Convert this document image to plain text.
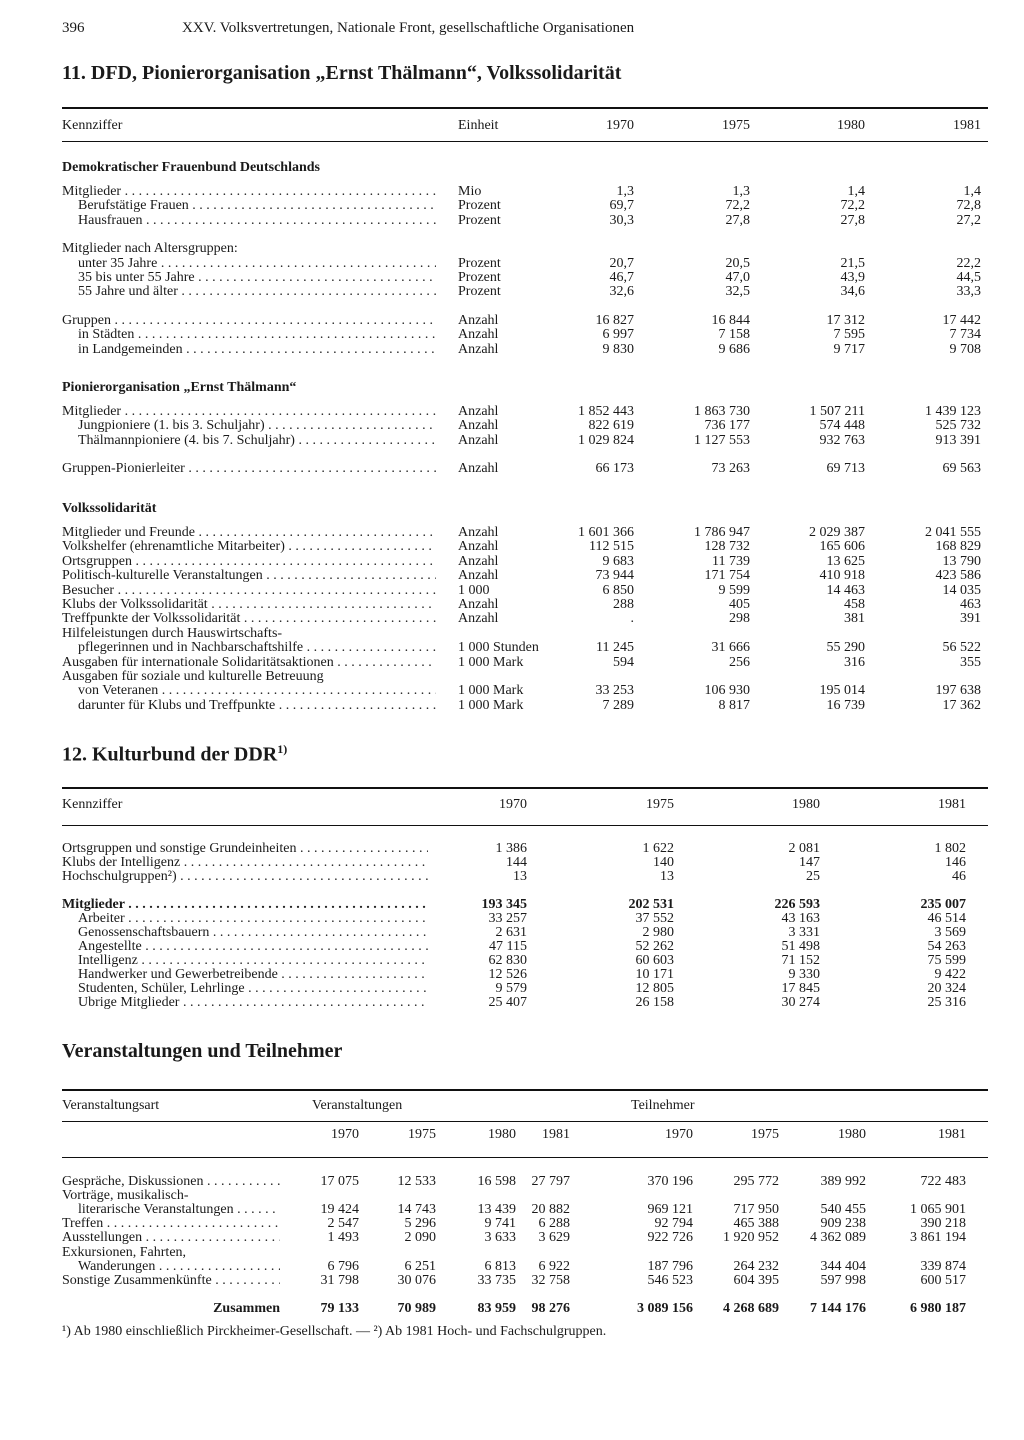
396	XXV. Volksvertretungen, Nationale Front, gesellschaftliche Organisationen
11. DFD, Pionierorganisation „Ernst Thälmann“, Volkssolidarität
Kennziffer	Einheit	1970	1975	1980	1981
Demokratischer Frauenbund Deutschlands
Mitglieder . . .	Mio	1,3	1,3	1,4	1,4
Berufstätige Frauen . . .	Prozent	69,7	72,2	72,2	72,8
Hausfrauen . . .	Prozent	30,3	27,8	27,8	27,2
Mitglieder nach Altersgruppen:
unter 35 Jahre . . .	Prozent	20,7	20,5	21,5	22,2
35 bis unter 55 Jahre . . .	Prozent	46,7	47,0	43,9	44,5
55 Jahre und älter . . .	Prozent	32,6	32,5	34,6	33,3
Gruppen . . .	Anzahl	16 827	16 844	17 312	17 442
in Städten . . .	Anzahl	6 997	7 158	7 595	7 734
in Landgemeinden . . .	Anzahl	9 830	9 686	9 717	9 708
Pionierorganisation „Ernst Thälmann“
Mitglieder . . .	Anzahl	1 852 443	1 863 730	1 507 211	1 439 123
Jungpioniere (1. bis 3. Schuljahr) . . .	Anzahl	822 619	736 177	574 448	525 732
Thälmannpioniere (4. bis 7. Schuljahr) . . .	Anzahl	1 029 824	1 127 553	932 763	913 391
Gruppen-Pionierleiter . . .	Anzahl	66 173	73 263	69 713	69 563
Volkssolidarität
Mitglieder und Freunde . . .	Anzahl	1 601 366	1 786 947	2 029 387	2 041 555
Volkshelfer (ehrenamtliche Mitarbeiter) . . .	Anzahl	112 515	128 732	165 606	168 829
Ortsgruppen . . .	Anzahl	9 683	11 739	13 625	13 790
Politisch-kulturelle Veranstaltungen . . .	Anzahl	73 944	171 754	410 918	423 586
Besucher . . .	1 000	6 850	9 599	14 463	14 035
Klubs der Volkssolidarität . . .	Anzahl	288	405	458	463
Treffpunkte der Volkssolidarität . . .	Anzahl	.	298	381	391
Hilfeleistungen durch Hauswirtschafts-
pflegerinnen und in Nachbarschaftshilfe . . .	1 000 Stunden	11 245	31 666	55 290	56 522
Ausgaben für internationale Solidaritätsaktionen . . .	1 000 Mark	594	256	316	355
Ausgaben für soziale und kulturelle Betreuung
von Veteranen . . .	1 000 Mark	33 253	106 930	195 014	197 638
darunter für Klubs und Treffpunkte . . .	1 000 Mark	7 289	8 817	16 739	17 362
12. Kulturbund der DDR$^{1)}$
Kennziffer	1970	1975	1980	1981
Ortsgruppen und sonstige Grundeinheiten . . .	1 386	1 622	2 081	1 802
Klubs der Intelligenz . . .	144	140	147	146
Hochschulgruppen²) . . .	13	13	25	46
Mitglieder . . .	193 345	202 531	226 593	235 007
Arbeiter . . .	33 257	37 552	43 163	46 514
Genossenschaftsbauern . . .	2 631	2 980	3 331	3 569
Angestellte . . .	47 115	52 262	51 498	54 263
Intelligenz . . .	62 830	60 603	71 152	75 599
Handwerker und Gewerbetreibende . . .	12 526	10 171	9 330	9 422
Studenten, Schüler, Lehrlinge . . .	9 579	12 805	17 845	20 324
Übrige Mitglieder . . .	25 407	26 158	30 274	25 316
Veranstaltungen und Teilnehmer
Veranstaltungsart	Veranstaltungen	Teilnehmer
1970	1975	1980	1981	1970	1975	1980	1981
Gespräche, Diskussionen . . .	17 075	12 533	16 598	27 797	370 196	295 772	389 992	722 483
Vorträge, musikalisch-
literarische Veranstaltungen . . .	19 424	14 743	13 439	20 882	969 121	717 950	540 455	1 065 901
Treffen . . .	2 547	5 296	9 741	6 288	92 794	465 388	909 238	390 218
Ausstellungen . . .	1 493	2 090	3 633	3 629	922 726	1 920 952	4 362 089	3 861 194
Exkursionen, Fahrten,
Wanderungen . . .	6 796	6 251	6 813	6 922	187 796	264 232	344 404	339 874
Sonstige Zusammenkünfte . . .	31 798	30 076	33 735	32 758	546 523	604 395	597 998	600 517
Zusammen	79 133	70 989	83 959	98 276	3 089 156	4 268 689	7 144 176	6 980 187
¹) Ab 1980 einschließlich Pirckheimer-Gesellschaft. — ²) Ab 1981 Hoch- und Fachschulgruppen.
